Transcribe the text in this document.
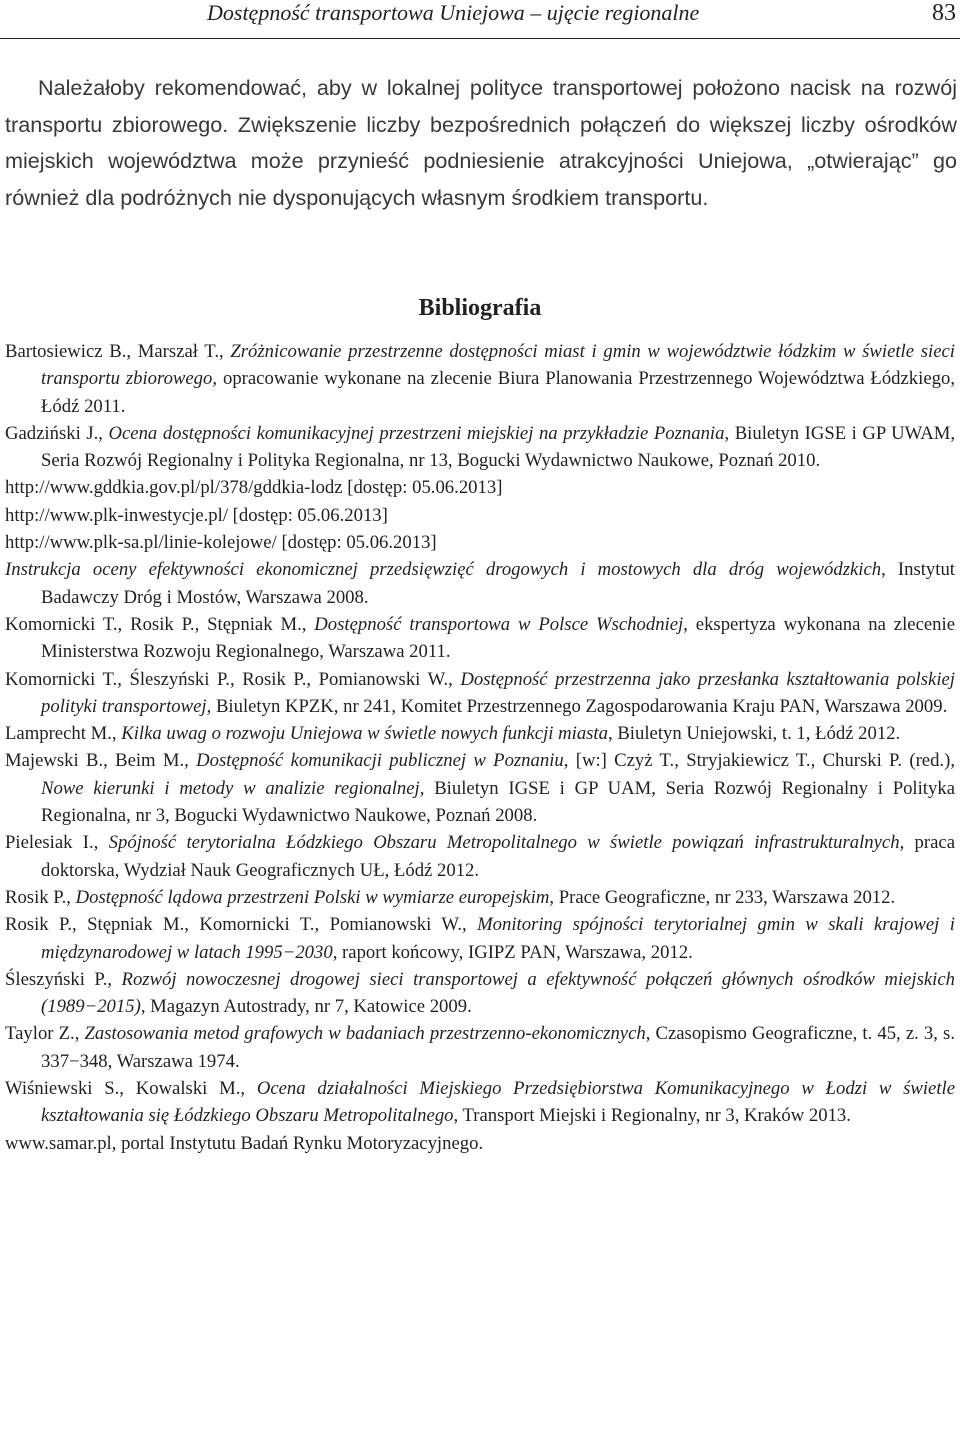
Dostępność transportowa Uniejowa – ujęcie regionalne	83

Należałoby rekomendować, aby w lokalnej polityce transportowej położono nacisk na rozwój transportu zbiorowego. Zwiększenie liczby bezpośrednich połączeń do większej liczby ośrodków miejskich województwa może przynieść podniesienie atrakcyjności Uniejowa, „otwierając” go również dla podróżnych nie dysponujących własnym środkiem transportu.

Bibliografia
Bartosiewicz B., Marszał T., Zróżnicowanie przestrzenne dostępności miast i gmin w województwie łódzkim w świetle sieci transportu zbiorowego, opracowanie wykonane na zlecenie Biura Planowania Przestrzennego Województwa Łódzkiego, Łódź 2011.
Gadziński J., Ocena dostępności komunikacyjnej przestrzeni miejskiej na przykładzie Poznania, Biuletyn IGSE i GP UWAM, Seria Rozwój Regionalny i Polityka Regionalna, nr 13, Bogucki Wydawnictwo Naukowe, Poznań 2010.
http://www.gddkia.gov.pl/pl/378/gddkia-lodz [dostęp: 05.06.2013]
http://www.plk-inwestycje.pl/ [dostęp: 05.06.2013]
http://www.plk-sa.pl/linie-kolejowe/ [dostęp: 05.06.2013]
Instrukcja oceny efektywności ekonomicznej przedsięwzięć drogowych i mostowych dla dróg wojewódzkich, Instytut Badawczy Dróg i Mostów, Warszawa 2008.
Komornicki T., Rosik P., Stępniak M., Dostępność transportowa w Polsce Wschodniej, ekspertyza wykonana na zlecenie Ministerstwa Rozwoju Regionalnego, Warszawa 2011.
Komornicki T., Śleszyński P., Rosik P., Pomianowski W., Dostępność przestrzenna jako przesłanka kształtowania polskiej polityki transportowej, Biuletyn KPZK, nr 241, Komitet Przestrzennego Zagospodarowania Kraju PAN, Warszawa 2009.
Lamprecht M., Kilka uwag o rozwoju Uniejowa w świetle nowych funkcji miasta, Biuletyn Uniejowski, t. 1, Łódź 2012.
Majewski B., Beim M., Dostępność komunikacji publicznej w Poznaniu, [w:] Czyż T., Stryjakiewicz T., Churski P. (red.), Nowe kierunki i metody w analizie regionalnej, Biuletyn IGSE i GP UAM, Seria Rozwój Regionalny i Polityka Regionalna, nr 3, Bogucki Wydawnictwo Naukowe, Poznań 2008.
Pielesiak I., Spójność terytorialna Łódzkiego Obszaru Metropolitalnego w świetle powiązań infrastrukturalnych, praca doktorska, Wydział Nauk Geograficznych UŁ, Łódź 2012.
Rosik P., Dostępność lądowa przestrzeni Polski w wymiarze europejskim, Prace Geograficzne, nr 233, Warszawa 2012.
Rosik P., Stępniak M., Komornicki T., Pomianowski W., Monitoring spójności terytorialnej gmin w skali krajowej i międzynarodowej w latach 1995−2030, raport końcowy, IGIPZ PAN, Warszawa, 2012.
Śleszyński P., Rozwój nowoczesnej drogowej sieci transportowej a efektywność połączeń głównych ośrodków miejskich (1989−2015), Magazyn Autostrady, nr 7, Katowice 2009.
Taylor Z., Zastosowania metod grafowych w badaniach przestrzenno-ekonomicznych, Czasopismo Geograficzne, t. 45, z. 3, s. 337−348, Warszawa 1974.
Wiśniewski S., Kowalski M., Ocena działalności Miejskiego Przedsiębiorstwa Komunikacyjnego w Łodzi w świetle kształtowania się Łódzkiego Obszaru Metropolitalnego, Transport Miejski i Regionalny, nr 3, Kraków 2013.
www.samar.pl, portal Instytutu Badań Rynku Motoryzacyjnego.
